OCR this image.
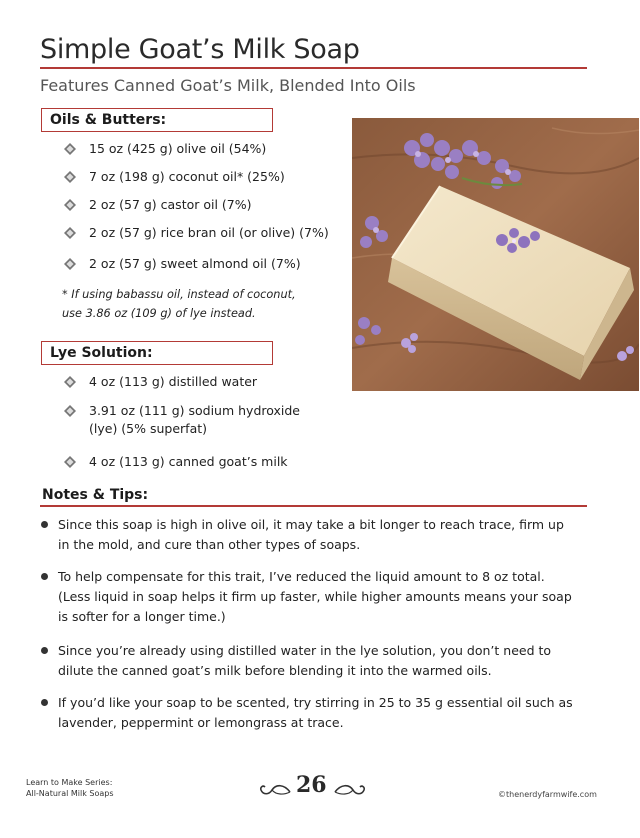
Simple Goat’s Milk Soap
Features Canned Goat’s Milk, Blended Into Oils
Oils & Butters:
15 oz (425 g) olive oil (54%)
7 oz (198 g) coconut oil* (25%)
2 oz (57 g) castor oil (7%)
2 oz (57 g) rice bran oil (or olive) (7%)
2 oz (57 g) sweet almond oil (7%)
* If using babassu oil, instead of coconut,
use 3.86 oz (109 g) of lye instead.
Lye Solution:
4 oz (113 g) distilled water
3.91 oz (111 g) sodium hydroxide
(lye) (5% superfat)
4 oz (113 g) canned goat’s milk
Notes & Tips:
Since this soap is high in olive oil, it may take a bit longer to reach trace, firm up
in the mold, and cure than other types of soaps.
To help compensate for this trait, I’ve reduced the liquid amount to 8 oz total.
(Less liquid in soap helps it firm up faster, while higher amounts means your soap
is softer for a longer time.)
Since you’re already using distilled water in the lye solution, you don’t need to
dilute the canned goat’s milk before blending it into the warmed oils.
If you’d like your soap to be scented, try stirring in 25 to 35 g essential oil such as
lavender, peppermint or lemongrass at trace.
Learn to Make Series:
All-Natural Milk Soaps	26	©thenerdyfarmwife.com
